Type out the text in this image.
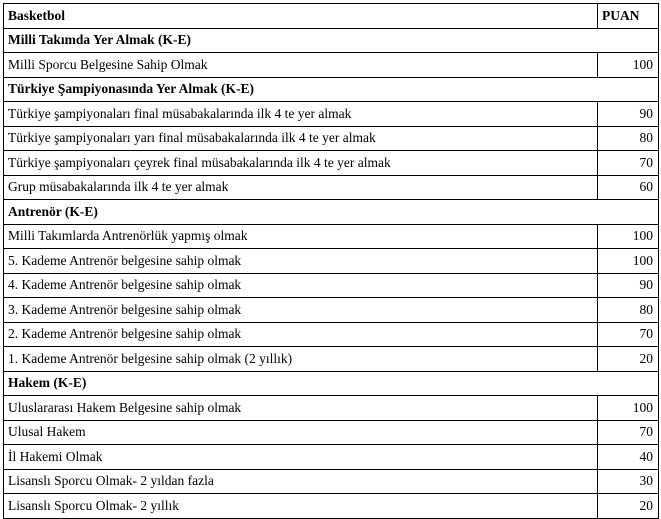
Basketbol	PUAN
Milli Takımda Yer Almak (K-E)	
Milli Sporcu Belgesine Sahip Olmak	100
Türkiye Şampiyonasında Yer Almak (K-E)	
Türkiye şampiyonaları final müsabakalarında ilk 4 te yer almak	90
Türkiye şampiyonaları yarı final müsabakalarında ilk 4 te yer almak	80
Türkiye şampiyonaları çeyrek final müsabakalarında ilk 4 te yer almak	70
Grup müsabakalarında ilk 4 te yer almak	60
Antrenör (K-E)	
Milli Takımlarda Antrenörlük yapmış olmak	100
5. Kademe Antrenör belgesine sahip olmak	100
4. Kademe Antrenör belgesine sahip olmak	90
3. Kademe Antrenör belgesine sahip olmak	80
2. Kademe Antrenör belgesine sahip olmak	70
1. Kademe Antrenör belgesine sahip olmak (2 yıllık)	20
Hakem (K-E)	
Uluslararası Hakem Belgesine sahip olmak	100
Ulusal Hakem	70
İl Hakemi Olmak	40
Lisanslı Sporcu Olmak- 2 yıldan fazla	30
Lisanslı Sporcu Olmak- 2 yıllık	20
